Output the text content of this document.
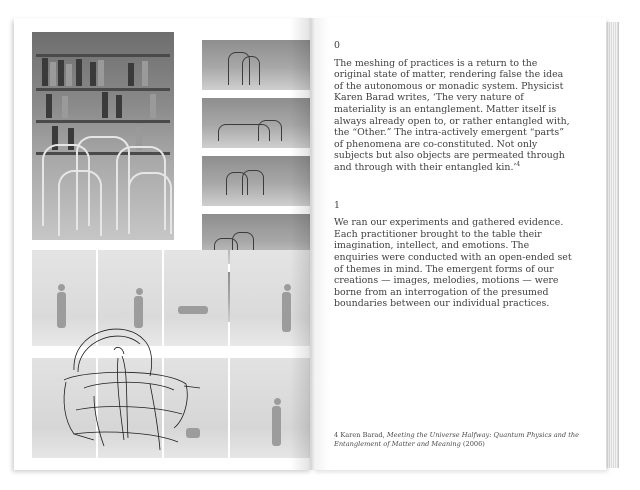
0

The meshing of practices is a return to the original state of matter, rendering false the idea of the autonomous or monadic system. Physicist Karen Barad writes, ‘The very nature of materiality is an entanglement. Matter itself is always already open to, or rather entangled with, the “Other.” The intra-actively emergent “parts” of phenomena are co-constituted. Not only subjects but also objects are permeated through and through with their entangled kin.’$^4$

1

We ran our experiments and gathered evidence. Each practitioner brought to the table their imagination, intellect, and emotions. The enquiries were conducted with an open-ended set of themes in mind. The emergent forms of our creations — images, melodies, motions — were borne from an interrogation of the presumed boundaries between our individual practices.

4 Karen Barad, Meeting the Universe Halfway: Quantum Physics and the Entanglement of Matter and Meaning (2006)
